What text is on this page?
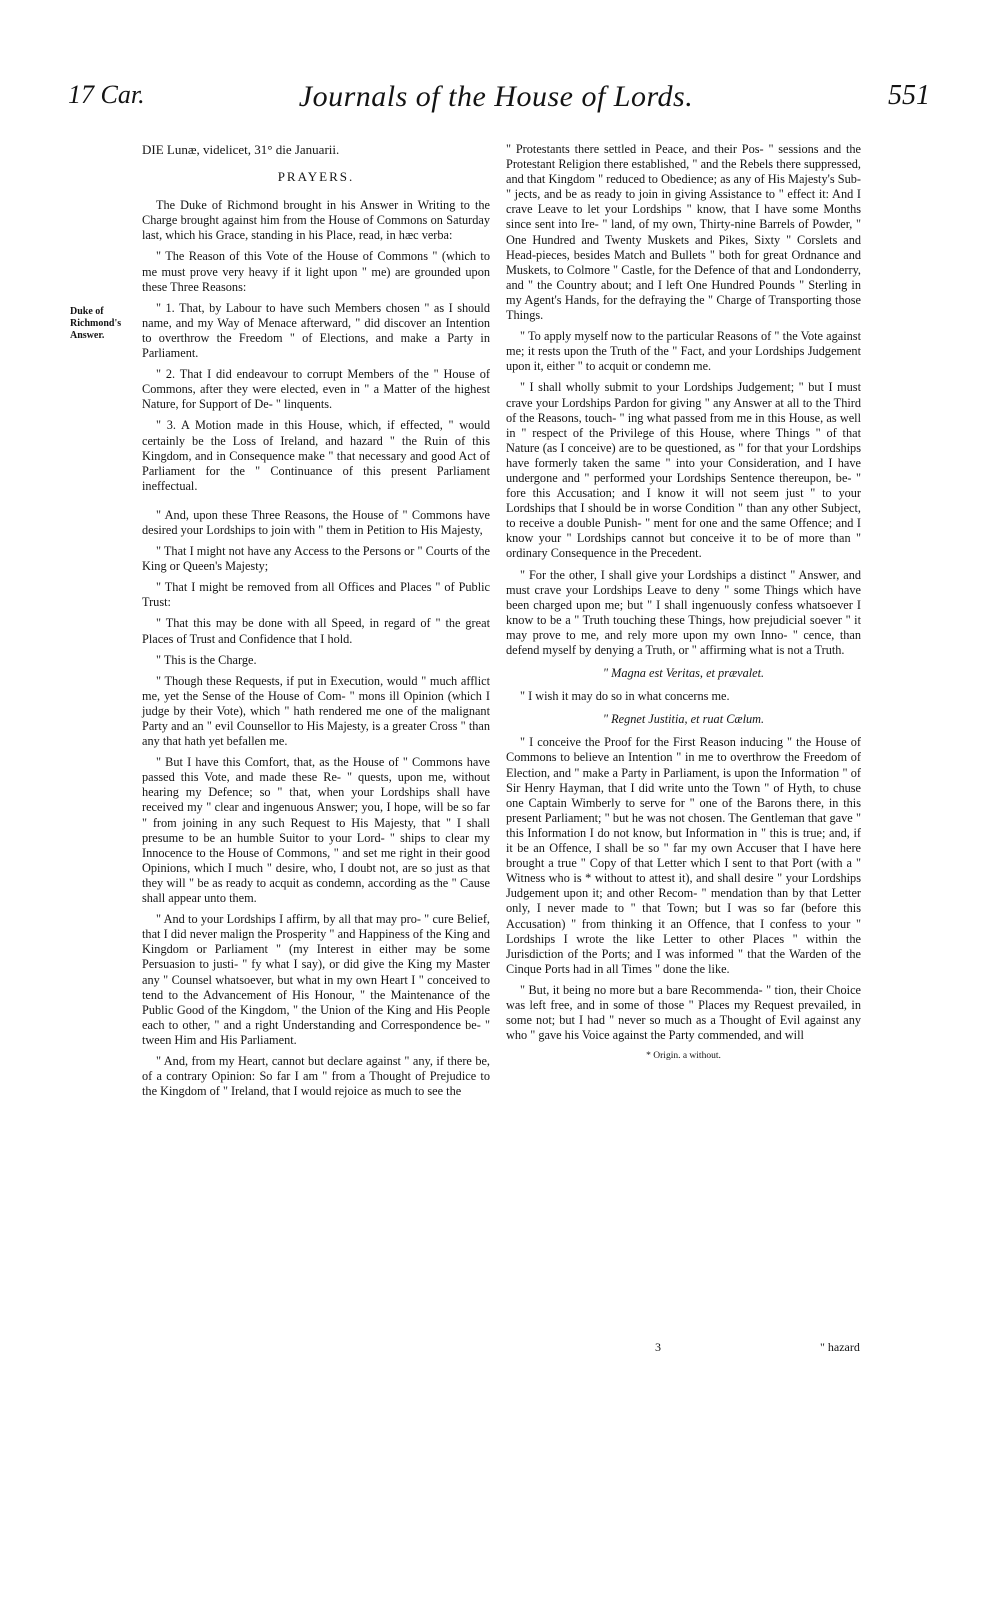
17 Car.	Journals of the House of Lords.	551
Duke of Richmond's Answer.

DIE Lunæ, videlicet, 31° die Januarii.

PRAYERS.

The Duke of Richmond brought in his Answer in Writing to the Charge brought against him from the House of Commons on Saturday last, which his Grace, standing in his Place, read, in hæc verba:

" The Reason of this Vote of the House of Commons " (which to me must prove very heavy if it light upon " me) are grounded upon these Three Reasons:

" 1. That, by Labour to have such Members chosen " as I should name, and my Way of Menace afterward, " did discover an Intention to overthrow the Freedom " of Elections, and make a Party in Parliament.

" 2. That I did endeavour to corrupt Members of the " House of Commons, after they were elected, even in " a Matter of the highest Nature, for Support of De- " linquents.

" 3. A Motion made in this House, which, if effected, " would certainly be the Loss of Ireland, and hazard " the Ruin of this Kingdom, and in Consequence make " that necessary and good Act of Parliament for the " Continuance of this present Parliament ineffectual.

" And, upon these Three Reasons, the House of " Commons have desired your Lordships to join with " them in Petition to His Majesty,

" That I might not have any Access to the Persons or " Courts of the King or Queen's Majesty;

" That I might be removed from all Offices and Places " of Public Trust:

" That this may be done with all Speed, in regard of " the great Places of Trust and Confidence that I hold.

" This is the Charge.

" Though these Requests, if put in Execution, would " much afflict me, yet the Sense of the House of Com- " mons ill Opinion (which I judge by their Vote), which " hath rendered me one of the malignant Party and an " evil Counsellor to His Majesty, is a greater Cross " than any that hath yet befallen me.

" But I have this Comfort, that, as the House of " Commons have passed this Vote, and made these Re- " quests, upon me, without hearing my Defence; so " that, when your Lordships shall have received my " clear and ingenuous Answer; you, I hope, will be so far " from joining in any such Request to His Majesty, that " I shall presume to be an humble Suitor to your Lord- " ships to clear my Innocence to the House of Commons, " and set me right in their good Opinions, which I much " desire, who, I doubt not, are so just as that they will " be as ready to acquit as condemn, according as the " Cause shall appear unto them.

" And to your Lordships I affirm, by all that may pro- " cure Belief, that I did never malign the Prosperity " and Happiness of the King and Kingdom or Parliament " (my Interest in either may be some Persuasion to justi- " fy what I say), or did give the King my Master any " Counsel whatsoever, but what in my own Heart I " conceived to tend to the Advancement of His Honour, " the Maintenance of the Public Good of the Kingdom, " the Union of the King and His People each to other, " and a right Understanding and Correspondence be- " tween Him and His Parliament.

" And, from my Heart, cannot but declare against " any, if there be, of a contrary Opinion: So far I am " from a Thought of Prejudice to the Kingdom of " Ireland, that I would rejoice as much to see the

" Protestants there settled in Peace, and their Pos- " sessions and the Protestant Religion there established, " and the Rebels there suppressed, and that Kingdom " reduced to Obedience; as any of His Majesty's Sub- " jects, and be as ready to join in giving Assistance to " effect it: And I crave Leave to let your Lordships " know, that I have some Months since sent into Ire- " land, of my own, Thirty-nine Barrels of Powder, " One Hundred and Twenty Muskets and Pikes, Sixty " Corslets and Head-pieces, besides Match and Bullets " both for great Ordnance and Muskets, to Colmore " Castle, for the Defence of that and Londonderry, and " the Country about; and I left One Hundred Pounds " Sterling in my Agent's Hands, for the defraying the " Charge of Transporting those Things.

" To apply myself now to the particular Reasons of " the Vote against me; it rests upon the Truth of the " Fact, and your Lordships Judgement upon it, either " to acquit or condemn me.

" I shall wholly submit to your Lordships Judgement; " but I must crave your Lordships Pardon for giving " any Answer at all to the Third of the Reasons, touch- " ing what passed from me in this House, as well in " respect of the Privilege of this House, where Things " of that Nature (as I conceive) are to be questioned, as " for that your Lordships have formerly taken the same " into your Consideration, and I have undergone and " performed your Lordships Sentence thereupon, be- " fore this Accusation; and I know it will not seem just " to your Lordships that I should be in worse Condition " than any other Subject, to receive a double Punish- " ment for one and the same Offence; and I know your " Lordships cannot but conceive it to be of more than " ordinary Consequence in the Precedent.

" For the other, I shall give your Lordships a distinct " Answer, and must crave your Lordships Leave to deny " some Things which have been charged upon me; but " I shall ingenuously confess whatsoever I know to be a " Truth touching these Things, how prejudicial soever " it may prove to me, and rely more upon my own Inno- " cence, than defend myself by denying a Truth, or " affirming what is not a Truth.

" Magna est Veritas, et prævalet.

" I wish it may do so in what concerns me.

" Regnet Justitia, et ruat Cælum.

" I conceive the Proof for the First Reason inducing " the House of Commons to believe an Intention " in me to overthrow the Freedom of Election, and " make a Party in Parliament, is upon the Information " of Sir Henry Hayman, that I did write unto the Town " of Hyth, to chuse one Captain Wimberly to serve for " one of the Barons there, in this present Parliament; " but he was not chosen. The Gentleman that gave " this Information I do not know, but Information in " this is true; and, if it be an Offence, I shall be so " far my own Accuser that I have here brought a true " Copy of that Letter which I sent to that Port (with a " Witness who is * without to attest it), and shall desire " your Lordships Judgement upon it; and other Recom- " mendation than by that Letter only, I never made to " that Town; but I was so far (before this Accusation) " from thinking it an Offence, that I confess to your " Lordships I wrote the like Letter to other Places " within the Jurisdiction of the Ports; and I was informed " that the Warden of the Cinque Ports had in all Times " done the like.

" But, it being no more but a bare Recommenda- " tion, their Choice was left free, and in some of those " Places my Request prevailed, in some not; but I had " never so much as a Thought of Evil against any who " gave his Voice against the Party commended, and will

* Origin. a without.

3	" hazard
